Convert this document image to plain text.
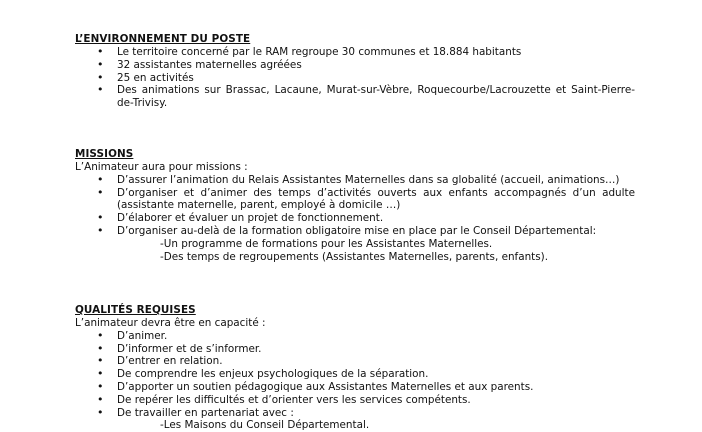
L’ENVIRONNEMENT DU POSTE

• Le territoire concerné par le RAM regroupe 30 communes et 18.884 habitants
• 32 assistantes maternelles agréées
• 25 en activités
• Des animations sur Brassac, Lacaune, Murat-sur-Vèbre, Roquecourbe/Lacrouzette et Saint-Pierre-de-Trivisy.

MISSIONS

L’Animateur aura pour missions :

• D’assurer l’animation du Relais Assistantes Maternelles dans sa globalité (accueil, animations…)
• D’organiser et d’animer des temps d’activités ouverts aux enfants accompagnés d’un adulte (assistante maternelle, parent, employé à domicile …)
• D’élaborer et évaluer un projet de fonctionnement.
• D’organiser au-delà de la formation obligatoire mise en place par le Conseil Départemental:
-Un programme de formations pour les Assistantes Maternelles.
-Des temps de regroupements (Assistantes Maternelles, parents, enfants).

QUALITÉS REQUISES

L’animateur devra être en capacité :

• D’animer.
• D’informer et de s’informer.
• D’entrer en relation.
• De comprendre les enjeux psychologiques de la séparation.
• D’apporter un soutien pédagogique aux Assistantes Maternelles et aux parents.
• De repérer les difficultés et d’orienter vers les services compétents.
• De travailler en partenariat avec :
-Les Maisons du Conseil Départemental.
